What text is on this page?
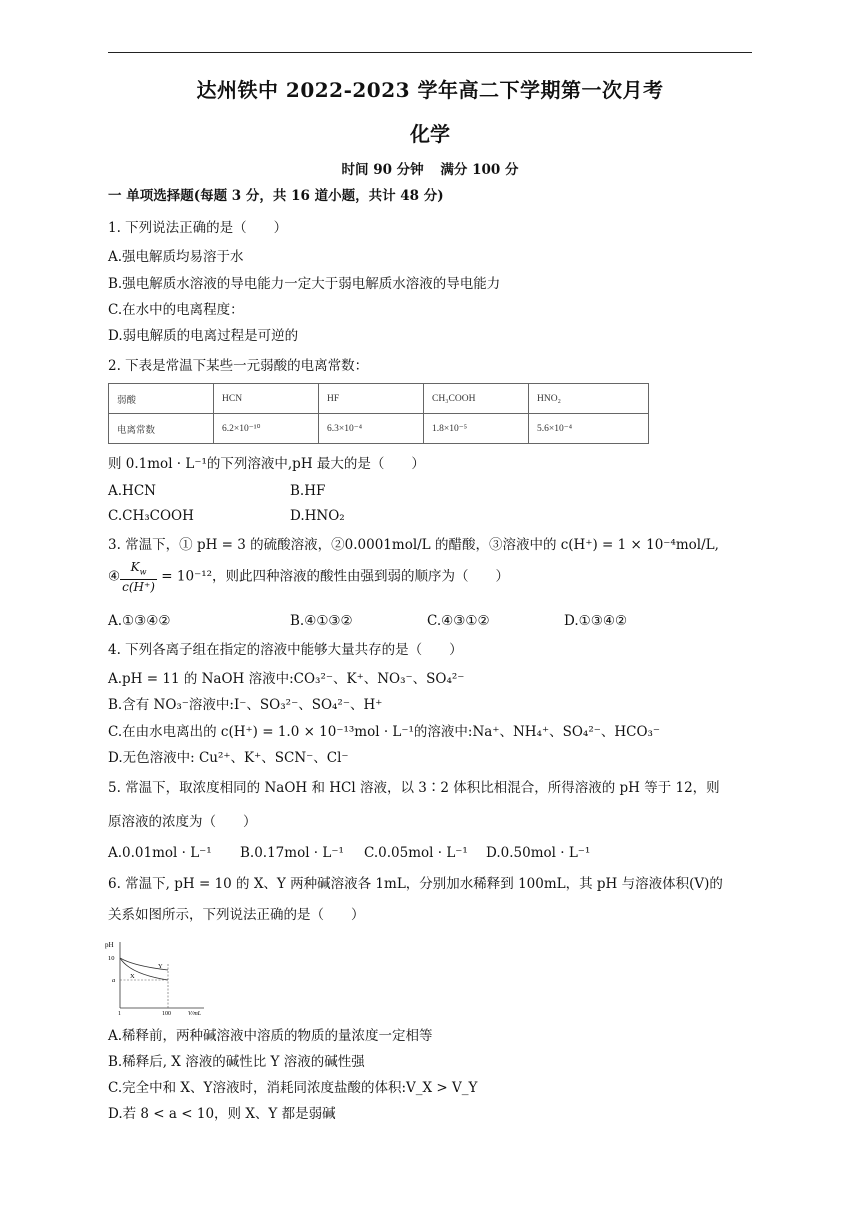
达州铁中 2022-2023 学年高二下学期第一次月考
化学
时间 90 分钟 满分 100 分
一 单项选择题(每题 3 分，共 16 道小题，共计 48 分)
1. 下列说法正确的是（　　）
A.强电解质均易溶于水
B.强电解质水溶液的导电能力一定大于弱电解质水溶液的导电能力
C.在水中的电离程度：
D.弱电解质的电离过程是可逆的
2. 下表是常温下某些一元弱酸的电离常数：
弱酸	HCN	HF	CH₃COOH	HNO₂
电离常数	6.2×10⁻¹⁰	6.3×10⁻⁴	1.8×10⁻⁵	5.6×10⁻⁴
则 0.1mol · L⁻¹的下列溶液中,pH 最大的是（　　）
A.HCN	B.HF
C.CH₃COOH	D.HNO₂
3. 常温下，① pH = 3 的硫酸溶液，②0.0001mol/L 的醋酸，③溶液中的 c(H⁺) = 1 × 10⁻⁴mol/L,
④ $\frac{K_w}{c(H^+)} = 10^{-12}$，则此四种溶液的酸性由强到弱的顺序为（　　）
A.①③④②	B.④①③②	C.④③①②	D.①③④②
4. 下列各离子组在指定的溶液中能够大量共存的是（　　）
A.pH = 11 的 NaOH 溶液中:CO₃²⁻、K⁺、NO₃⁻、SO₄²⁻
B.含有 NO₃⁻溶液中:I⁻、SO₃²⁻、SO₄²⁻、H⁺
C.在由水电离出的 c(H⁺) = 1.0 × 10⁻¹³mol · L⁻¹的溶液中:Na⁺、NH₄⁺、SO₄²⁻、HCO₃⁻
D.无色溶液中: Cu²⁺、K⁺、SCN⁻、Cl⁻
5. 常温下，取浓度相同的 NaOH 和 HCl 溶液，以 3∶2 体积比相混合，所得溶液的 pH 等于 12，则
原溶液的浓度为（　　）
A.0.01mol · L⁻¹ B.0.17mol · L⁻¹ C.0.05mol · L⁻¹ D.0.50mol · L⁻¹
6. 常温下, pH = 10 的 X、Y 两种碱溶液各 1mL，分别加水稀释到 100mL，其 pH 与溶液体积(V)的
关系如图所示，下列说法正确的是（　　）
pH
10
a
X
Y
1	100	V/mL
A.稀释前，两种碱溶液中溶质的物质的量浓度一定相等
B.稀释后, X 溶液的碱性比 Y 溶液的碱性强
C.完全中和 X、Y溶液时，消耗同浓度盐酸的体积:V_X > V_Y
D.若 8 < a < 10，则 X、Y 都是弱碱
